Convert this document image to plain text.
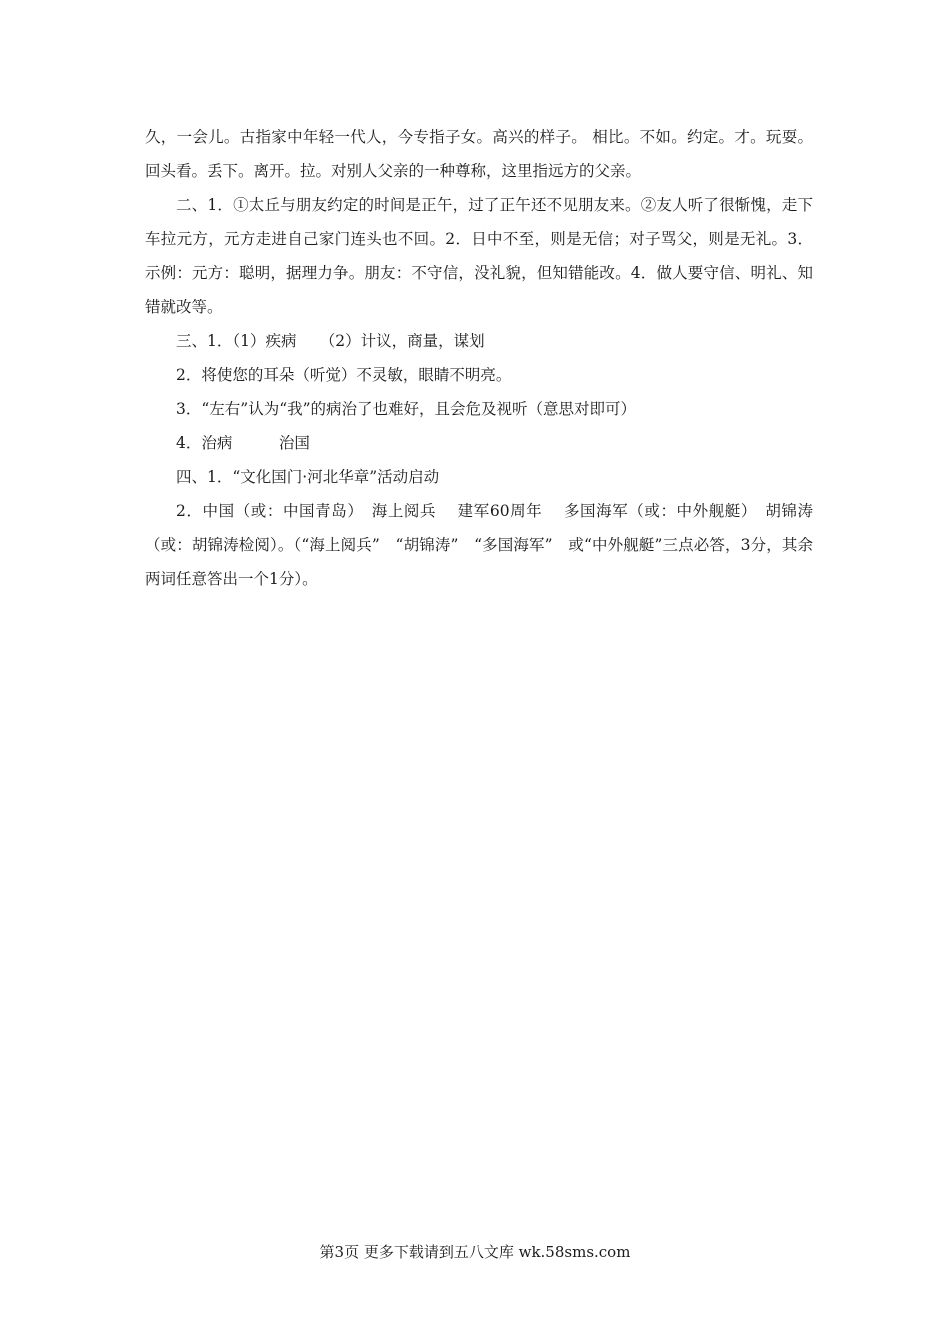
久，一会儿。古指家中年轻一代人，今专指子女。高兴的样子。 相比。不如。约定。才。玩耍。回头看。丢下。离开。拉。对别人父亲的一种尊称，这里指远方的父亲。

二、1．①太丘与朋友约定的时间是正午，过了正午还不见朋友来。②友人听了很惭愧，走下车拉元方，元方走进自己家门连头也不回。2．日中不至，则是无信；对子骂父，则是无礼。3．示例：元方：聪明，据理力争。朋友：不守信，没礼貌，但知错能改。4．做人要守信、明礼、知错就改等。

三、1．（1）疾病　　（2）计议，商量，谋划

2．将使您的耳朵（听觉）不灵敏，眼睛不明亮。

3．“左右”认为“我”的病治了也难好，且会危及视听（意思对即可）

4．治病　　　治国

四、1．“文化国门·河北华章”活动启动

2．中国（或：中国青岛）　海上阅兵　 建军60周年　 多国海军（或：中外舰艇）　胡锦涛（或：胡锦涛检阅）。（“海上阅兵”　“胡锦涛”　“多国海军”　或“中外舰艇”三点必答，3分，其余两词任意答出一个1分）。

第3页 更多下载请到五八文库 wk.58sms.com
